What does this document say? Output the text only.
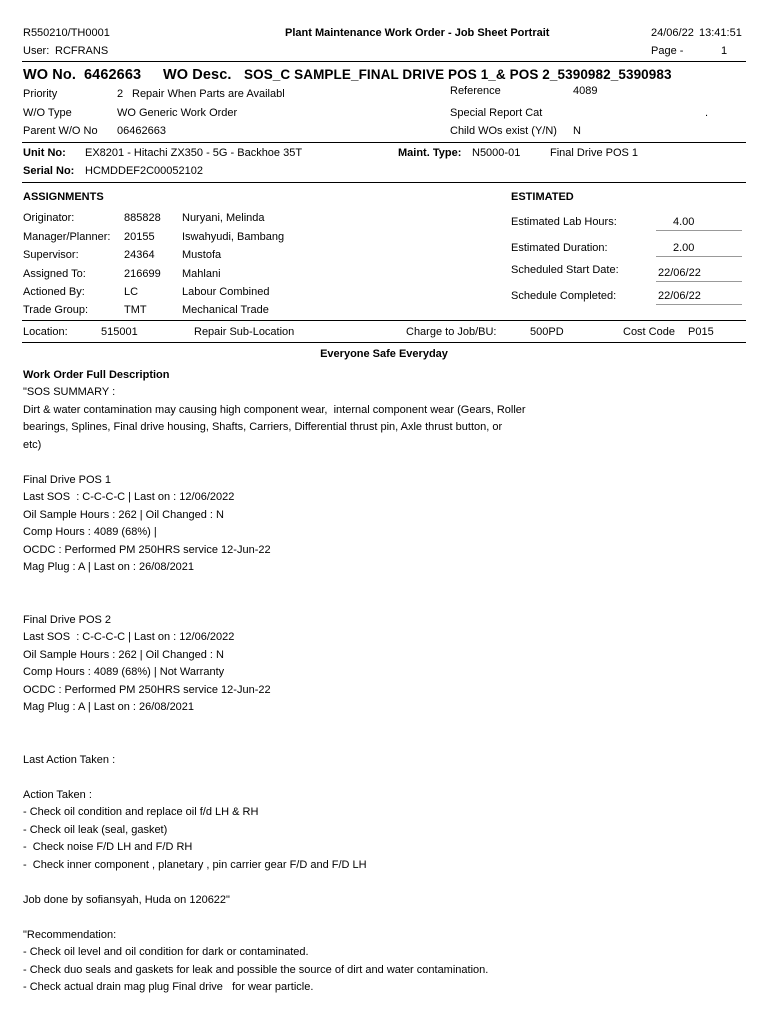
R550210/TH0001	Plant Maintenance Work Order - Job Sheet Portrait	24/06/22 13:41:51
User: RCFRANS	Page -	1
WO No. 6462663 WO Desc. SOS_C SAMPLE_FINAL DRIVE POS 1_& POS 2_5390982_5390983
Priority	2 Repair When Parts are Availabl	Reference	4089
W/O Type	WO Generic Work Order	Special Report Cat	.
Parent W/O No 06462663	Child WOs exist (Y/N) N
Unit No: EX8201 - Hitachi ZX350 - 5G - Backhoe 35T	Maint. Type: N5000-01	Final Drive POS 1
Serial No: HCMDDEF2C00052102
ASSIGNMENTS	ESTIMATED
Originator:	885828 Nuryani, Melinda
Manager/Planner: 20155 Iswahyudi, Bambang
Supervisor:	24364 Mustofa
Assigned To:	216699 Mahlani
Actioned By:	LC	Labour Combined
Trade Group:	TMT	Mechanical Trade
Estimated Lab Hours:	4.00
Estimated Duration:	2.00
Scheduled Start Date:	22/06/22
Schedule Completed:	22/06/22
Location:	515001	Repair Sub-Location	Charge to Job/BU:	500PD	Cost Code P015
Everyone Safe Everyday
Work Order Full Description
"SOS SUMMARY :
Dirt & water contamination may causing high component wear,  internal component wear (Gears, Roller
bearings, Splines, Final drive housing, Shafts, Carriers, Differential thrust pin, Axle thrust button, or
etc)
Final Drive POS 1
Last SOS  : C-C-C-C | Last on : 12/06/2022
Oil Sample Hours : 262 | Oil Changed : N
Comp Hours : 4089 (68%) |
OCDC : Performed PM 250HRS service 12-Jun-22
Mag Plug : A | Last on : 26/08/2021
Final Drive POS 2
Last SOS  : C-C-C-C | Last on : 12/06/2022
Oil Sample Hours : 262 | Oil Changed : N
Comp Hours : 4089 (68%) | Not Warranty
OCDC : Performed PM 250HRS service 12-Jun-22
Mag Plug : A | Last on : 26/08/2021
Last Action Taken :
Action Taken :
- Check oil condition and replace oil f/d LH & RH
- Check oil leak (seal, gasket)
-  Check noise F/D LH and F/D RH
-  Check inner component , planetary , pin carrier gear F/D and F/D LH
Job done by sofiansyah, Huda on 120622"
"Recommendation:
- Check oil level and oil condition for dark or contaminated.
- Check duo seals and gaskets for leak and possible the source of dirt and water contamination.
- Check actual drain mag plug Final drive   for wear particle.
